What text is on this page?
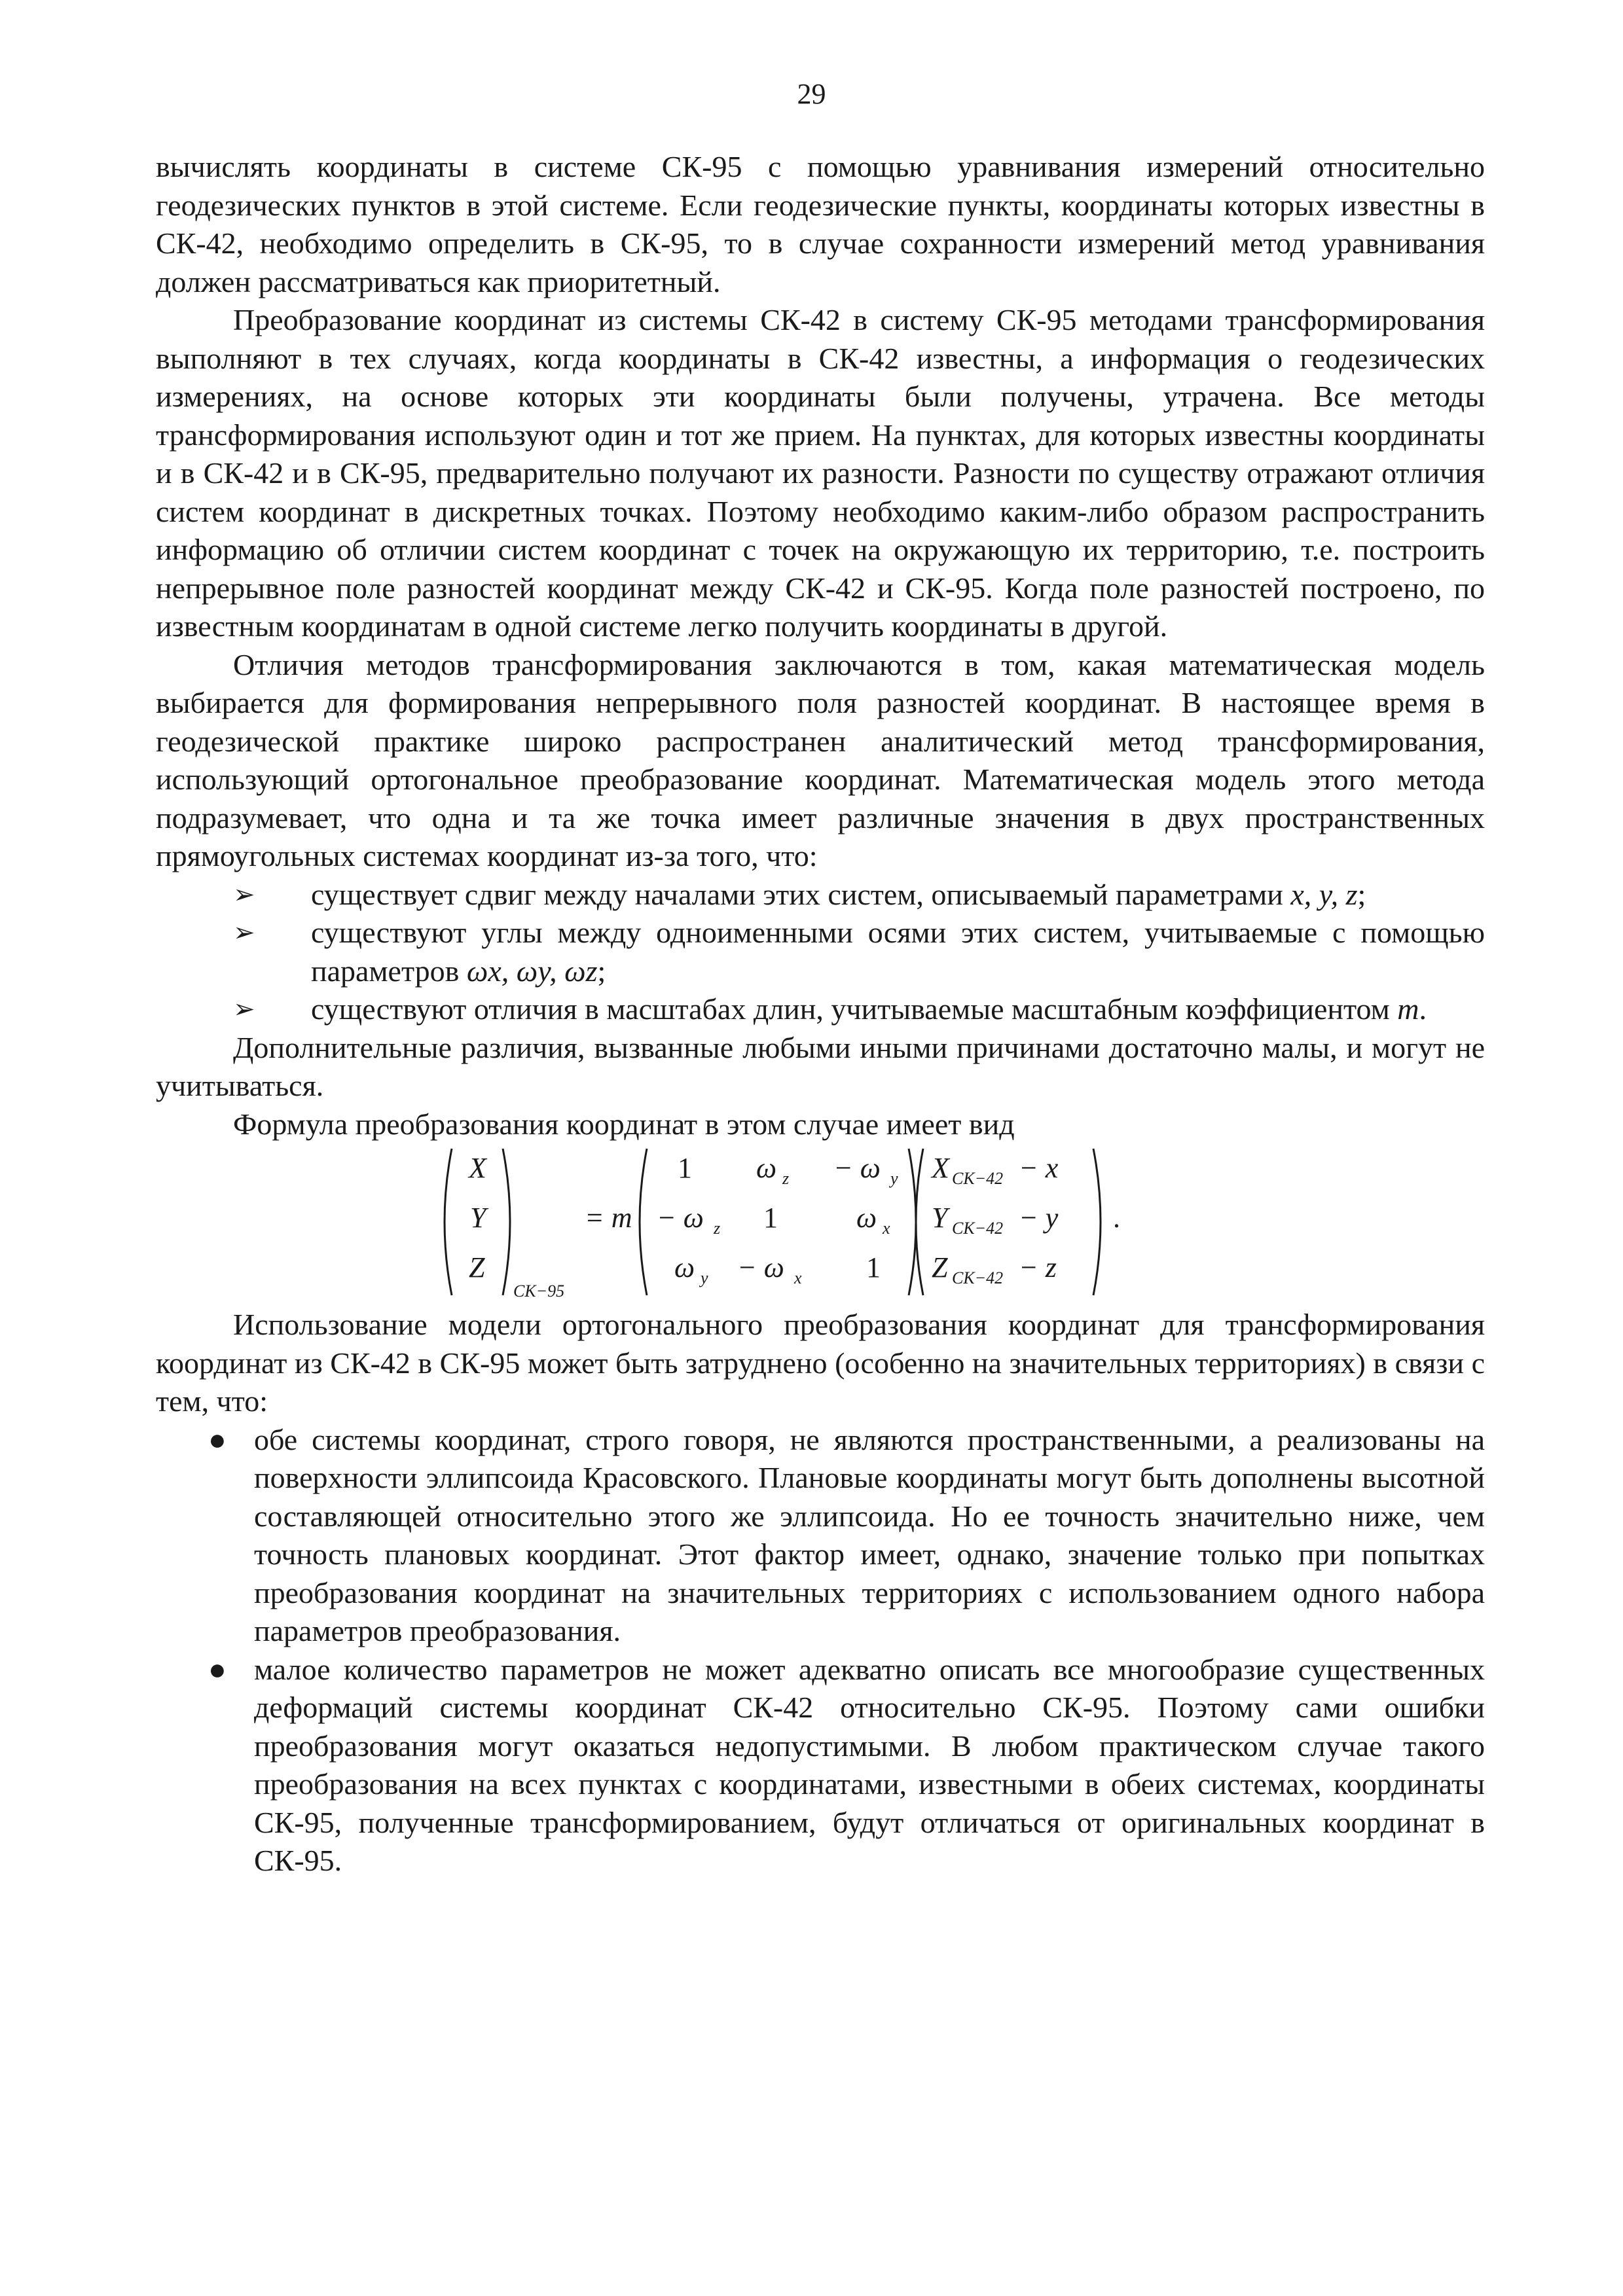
29

вычислять координаты в системе СК-95 с помощью уравнивания измерений относительно геодезических пунктов в этой системе. Если геодезические пункты, координаты которых известны в СК-42, необходимо определить в СК-95, то в случае сохранности измерений метод уравнивания должен рассматриваться как приоритетный.

Преобразование координат из системы СК-42 в систему СК-95 методами трансформирования выполняют в тех случаях, когда координаты в СК-42 известны, а информация о геодезических измерениях, на основе которых эти координаты были получены, утрачена. Все методы трансформирования используют один и тот же прием. На пунктах, для которых известны координаты и в СК-42 и в СК-95, предварительно получают их разности. Разности по существу отражают отличия систем координат в дискретных точках. Поэтому необходимо каким-либо образом распространить информацию об отличии систем координат с точек на окружающую их территорию, т.е. построить непрерывное поле разностей координат между СК-42 и СК-95. Когда поле разностей построено, по известным координатам в одной системе легко получить координаты в другой.

Отличия методов трансформирования заключаются в том, какая математическая модель выбирается для формирования непрерывного поля разностей координат. В настоящее время в геодезической практике широко распространен аналитический метод трансформирования, использующий ортогональное преобразование координат. Математическая модель этого метода подразумевает, что одна и та же точка имеет различные значения в двух пространственных прямоугольных системах координат из-за того, что:

➢ существует сдвиг между началами этих систем, описываемый параметрами x, y, z;
➢ существуют углы между одноименными осями этих систем, учитываемые с помощью параметров ωx, ωy, ωz;
➢ существуют отличия в масштабах длин, учитываемые масштабным коэффициентом m.

Дополнительные различия, вызванные любыми иными причинами достаточно малы, и могут не учитываться.

Формула преобразования координат в этом случае имеет вид

X
Y
Z
СК−95
= m
1 ω z − ω y
− ω z 1	ω x
ω y − ω x 1
X СК−42 − x
Y СК−42 − y
Z СК−42 − z
.

Использование модели ортогонального преобразования координат для трансформирования координат из СК-42 в СК-95 может быть затруднено (особенно на значительных территориях) в связи с тем, что:

● обе системы координат, строго говоря, не являются пространственными, а реализованы на поверхности эллипсоида Красовского. Плановые координаты могут быть дополнены высотной составляющей относительно этого же эллипсоида. Но ее точность значительно ниже, чем точность плановых координат. Этот фактор имеет, однако, значение только при попытках преобразования координат на значительных территориях с использованием одного набора параметров преобразования.
● малое количество параметров не может адекватно описать все многообразие существенных деформаций системы координат СК-42 относительно СК-95. Поэтому сами ошибки преобразования могут оказаться недопустимыми. В любом практическом случае такого преобразования на всех пунктах с координатами, известными в обеих системах, координаты СК-95, полученные трансформированием, будут отличаться от оригинальных координат в СК-95.
